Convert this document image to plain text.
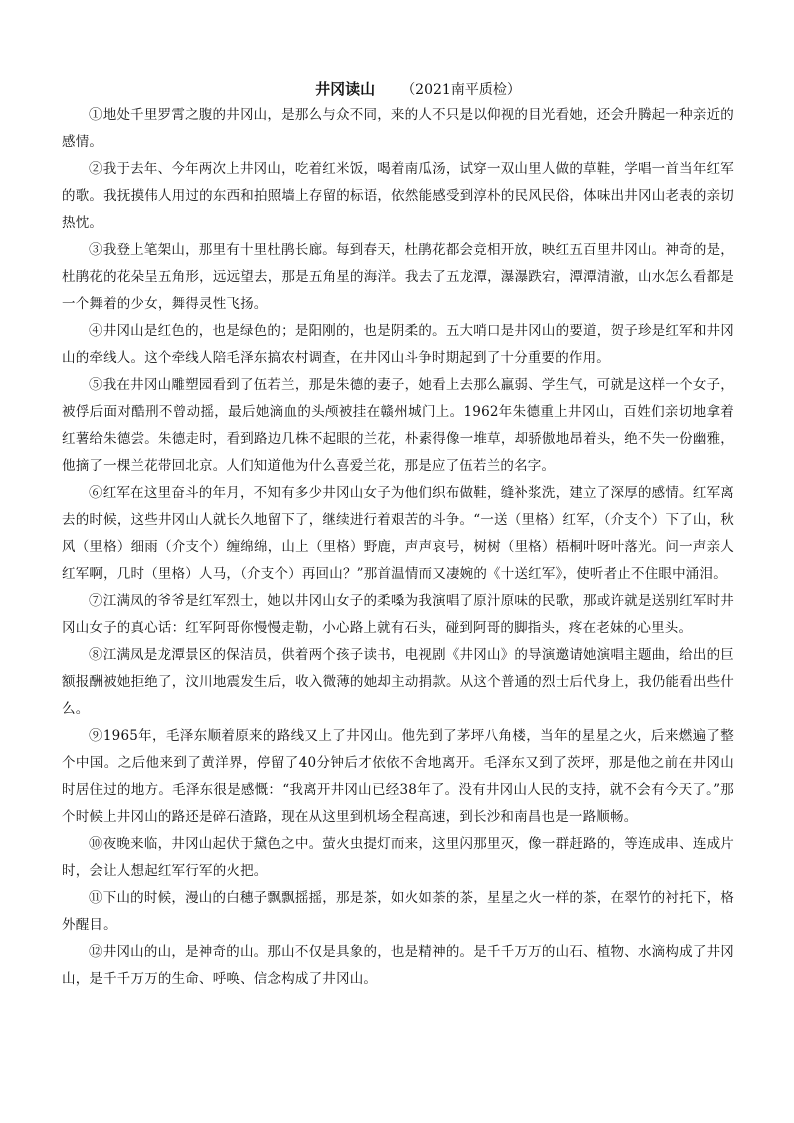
井冈读山 （2021南平质检）

①地处千里罗霄之腹的井冈山，是那么与众不同，来的人不只是以仰视的目光看她，还会升腾起一种亲近的感情。

②我于去年、今年两次上井冈山，吃着红米饭，喝着南瓜汤，试穿一双山里人做的草鞋，学唱一首当年红军的歌。我抚摸伟人用过的东西和拍照墙上存留的标语，依然能感受到淳朴的民风民俗，体味出井冈山老表的亲切热忱。

③我登上笔架山，那里有十里杜鹃长廊。每到春天，杜鹃花都会竞相开放，映红五百里井冈山。神奇的是，杜鹃花的花朵呈五角形，远远望去，那是五角星的海洋。我去了五龙潭，瀑瀑跌宕，潭潭清澈，山水怎么看都是一个舞着的少女，舞得灵性飞扬。

④井冈山是红色的，也是绿色的；是阳刚的，也是阴柔的。五大哨口是井冈山的要道，贺子珍是红军和井冈山的牵线人。这个牵线人陪毛泽东搞农村调查，在井冈山斗争时期起到了十分重要的作用。

⑤我在井冈山雕塑园看到了伍若兰，那是朱德的妻子，她看上去那么羸弱、学生气，可就是这样一个女子，被俘后面对酷刑不曾动摇，最后她滴血的头颅被挂在赣州城门上。1962年朱德重上井冈山，百姓们亲切地拿着红薯给朱德尝。朱德走时，看到路边几株不起眼的兰花，朴素得像一堆草，却骄傲地昂着头，绝不失一份幽雅，他摘了一棵兰花带回北京。人们知道他为什么喜爱兰花，那是应了伍若兰的名字。

⑥红军在这里奋斗的年月，不知有多少井冈山女子为他们织布做鞋，缝补浆洗，建立了深厚的感情。红军离去的时候，这些井冈山人就长久地留下了，继续进行着艰苦的斗争。“一送（里格）红军，（介支个）下了山，秋风（里格）细雨（介支个）缠绵绵，山上（里格）野鹿，声声哀号，树树（里格）梧桐叶呀叶落光。问一声亲人红军啊，几时（里格）人马，（介支个）再回山？”那首温情而又凄婉的《十送红军》，使听者止不住眼中涌泪。

⑦江满凤的爷爷是红军烈士，她以井冈山女子的柔嗓为我演唱了原汁原味的民歌，那或许就是送别红军时井冈山女子的真心话：红军阿哥你慢慢走勒，小心路上就有石头，碰到阿哥的脚指头，疼在老妹的心里头。

⑧江满凤是龙潭景区的保洁员，供着两个孩子读书，电视剧《井冈山》的导演邀请她演唱主题曲，给出的巨额报酬被她拒绝了，汶川地震发生后，收入微薄的她却主动捐款。从这个普通的烈士后代身上，我仍能看出些什么。

⑨1965年，毛泽东顺着原来的路线又上了井冈山。他先到了茅坪八角楼，当年的星星之火，后来燃遍了整个中国。之后他来到了黄洋界，停留了40分钟后才依依不舍地离开。毛泽东又到了茨坪，那是他之前在井冈山时居住过的地方。毛泽东很是感慨：“我离开井冈山已经38年了。没有井冈山人民的支持，就不会有今天了。”那个时候上井冈山的路还是碎石渣路，现在从这里到机场全程高速，到长沙和南昌也是一路顺畅。

⑩夜晚来临，井冈山起伏于黛色之中。萤火虫提灯而来，这里闪那里灭，像一群赶路的，等连成串、连成片时，会让人想起红军行军的火把。

⑪下山的时候，漫山的白穗子飘飘摇摇，那是茶，如火如荼的茶，星星之火一样的茶，在翠竹的衬托下，格外醒目。

⑫井冈山的山，是神奇的山。那山不仅是具象的，也是精神的。是千千万万的山石、植物、水滴构成了井冈山，是千千万万的生命、呼唤、信念构成了井冈山。
